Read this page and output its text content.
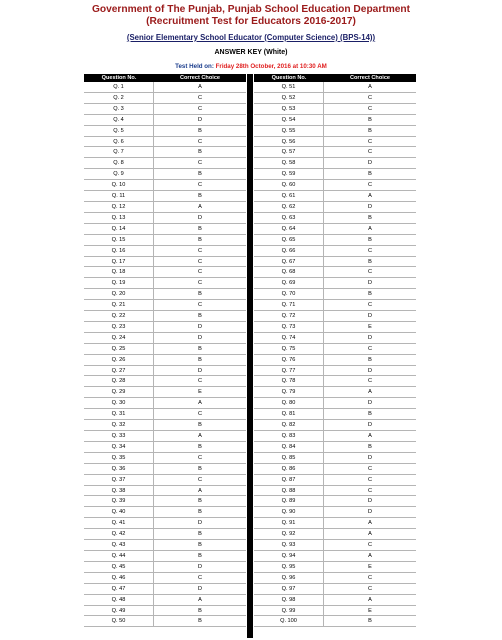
Government of The Punjab, Punjab School Education Department
(Recruitment Test for Educators 2016-2017)
(Senior Elementary School Educator (Computer Science) (BPS-14))
ANSWER KEY (White)
Test Held on: Friday 28th October, 2016 at 10:30 AM
Question No.	Correct Choice
Q. 1	A
Q. 2	C
Q. 3	C
Q. 4	D
Q. 5	B
Q. 6	C
Q. 7	B
Q. 8	C
Q. 9	B
Q. 10	C
Q. 11	B
Q. 12	A
Q. 13	D
Q. 14	B
Q. 15	B
Q. 16	C
Q. 17	C
Q. 18	C
Q. 19	C
Q. 20	B
Q. 21	C
Q. 22	B
Q. 23	D
Q. 24	D
Q. 25	B
Q. 26	B
Q. 27	D
Q. 28	C
Q. 29	E
Q. 30	A
Q. 31	C
Q. 32	B
Q. 33	A
Q. 34	B
Q. 35	C
Q. 36	B
Q. 37	C
Q. 38	A
Q. 39	B
Q. 40	B
Q. 41	D
Q. 42	B
Q. 43	B
Q. 44	B
Q. 45	D
Q. 46	C
Q. 47	D
Q. 48	A
Q. 49	B
Q. 50	B
Question No.	Correct Choice
Q. 51	A
Q. 52	C
Q. 53	C
Q. 54	B
Q. 55	B
Q. 56	C
Q. 57	C
Q. 58	D
Q. 59	B
Q. 60	C
Q. 61	A
Q. 62	D
Q. 63	B
Q. 64	A
Q. 65	B
Q. 66	C
Q. 67	B
Q. 68	C
Q. 69	D
Q. 70	B
Q. 71	C
Q. 72	D
Q. 73	E
Q. 74	D
Q. 75	C
Q. 76	B
Q. 77	D
Q. 78	C
Q. 79	A
Q. 80	D
Q. 81	B
Q. 82	D
Q. 83	A
Q. 84	B
Q. 85	D
Q. 86	C
Q. 87	C
Q. 88	C
Q. 89	D
Q. 90	D
Q. 91	A
Q. 92	A
Q. 93	C
Q. 94	A
Q. 95	E
Q. 96	C
Q. 97	C
Q. 98	A
Q. 99	E
Q. 100	B
